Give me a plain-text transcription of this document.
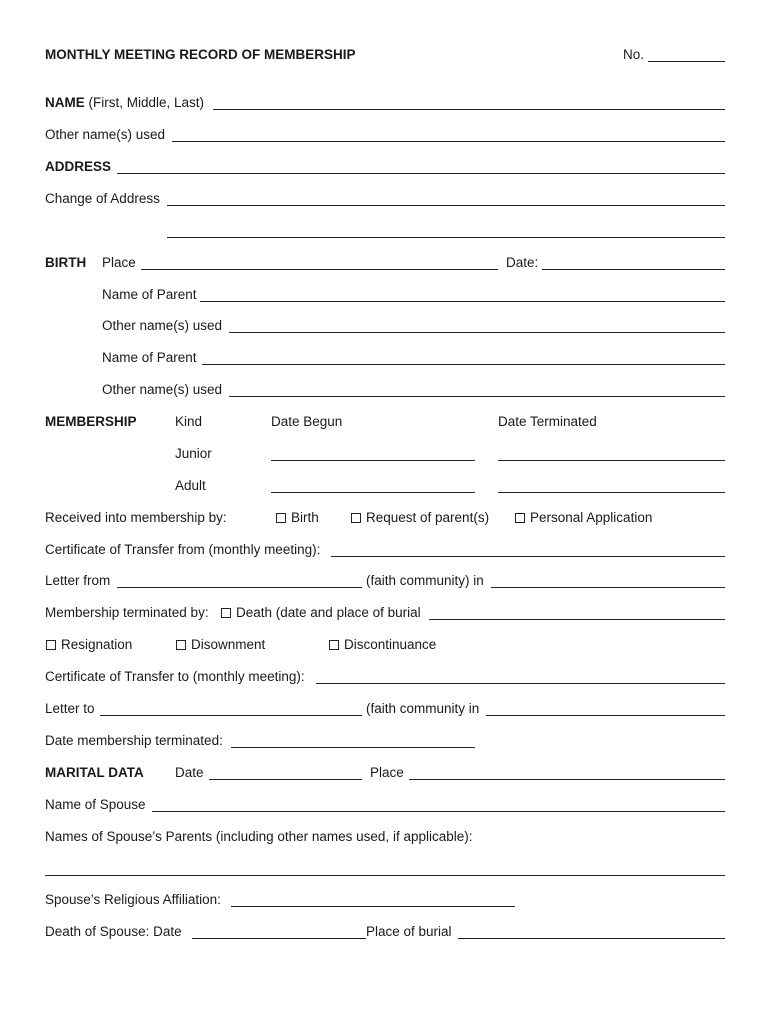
MONTHLY MEETING RECORD OF MEMBERSHIP	No.
NAME (First, Middle, Last)
Other name(s) used
ADDRESS
Change of Address
BIRTH Place	Date:
Name of Parent
Other name(s) used
Name of Parent
Other name(s) used
MEMBERSHIP	Kind	Date Begun	Date Terminated
Junior
Adult
Received into membership by:	Birth	Request of parent(s)	Personal Application
Certificate of Transfer from (monthly meeting):
Letter from	(faith community) in
Membership terminated by:	Death (date and place of burial
Resignation	Disownment	Discontinuance
Certificate of Transfer to (monthly meeting):
Letter to	(faith community in
Date membership terminated:
MARITAL DATA Date	Place
Name of Spouse
Names of Spouse’s Parents (including other names used, if applicable):
Spouse’s Religious Affiliation:
Death of Spouse: Date	Place of burial
